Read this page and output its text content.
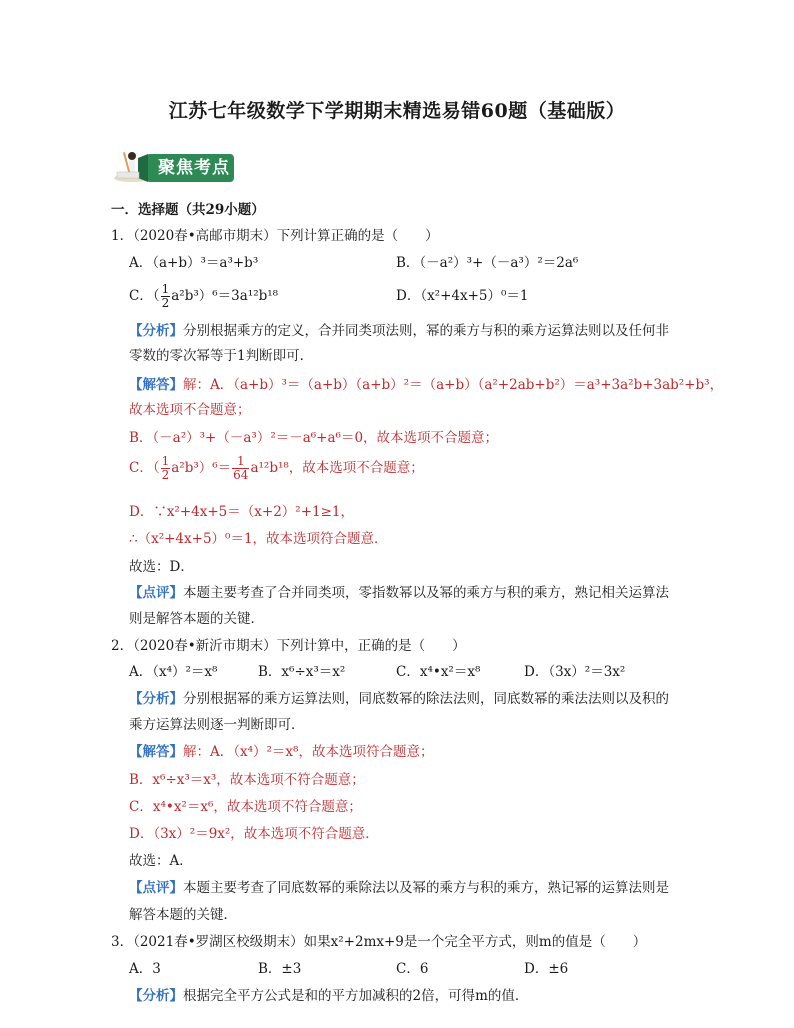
江苏七年级数学下学期期末精选易错60题（基础版）
聚焦考点
一．选择题（共29小题）
1．（2020春•高邮市期末）下列计算正确的是（　　）
A．（a+b）³＝a³+b³	B．（－a²）³+（－a³）²＝2a⁶
C．（ $\frac{1}{2} a^2b^3)^6=3a^{12}b^{18}$	D．（x²+4x+5）⁰＝1
【分析】分别根据乘方的定义，合并同类项法则，幂的乘方与积的乘方运算法则以及任何非
零数的零次幂等于1判断即可．
【解答】解：A．（a+b）³＝（a+b）（a+b）²＝（a+b）（a²+2ab+b²）＝a³+3a²b+3ab²+b³，
故本选项不合题意；
B．（－a²）³+（－a³）²＝－a⁶+a⁶＝0，故本选项不合题意；
C．（ $\frac{1}{2} a^2b^3)^6= \frac{1}{64} a^{12}b^{18}$，故本选项不合题意；
D．∵x²+4x+5＝（x+2）²+1≥1，
∴（x²+4x+5）⁰＝1，故本选项符合题意．
故选：D．
【点评】本题主要考查了合并同类项，零指数幂以及幂的乘方与积的乘方，熟记相关运算法
则是解答本题的关键．
2．（2020春•新沂市期末）下列计算中，正确的是（　　）
A．（x⁴）²＝x⁸	B．x⁶÷x³＝x²	C．x⁴•x²＝x⁸	D．（3x）²＝3x²
【分析】分别根据幂的乘方运算法则，同底数幂的除法法则，同底数幂的乘法法则以及积的
乘方运算法则逐一判断即可．
【解答】解：A．（x⁴）²＝x⁸，故本选项符合题意；
B．x⁶÷x³＝x³，故本选项不符合题意；
C．x⁴•x²＝x⁶，故本选项不符合题意；
D．（3x）²＝9x²，故本选项不符合题意．
故选：A．
【点评】本题主要考查了同底数幂的乘除法以及幂的乘方与积的乘方，熟记幂的运算法则是
解答本题的关键．
3．（2021春•罗湖区校级期末）如果x²+2mx+9是一个完全平方式，则m的值是（　　）
A．3	B．±3	C．6	D．±6
【分析】根据完全平方公式是和的平方加减积的2倍，可得m的值．
